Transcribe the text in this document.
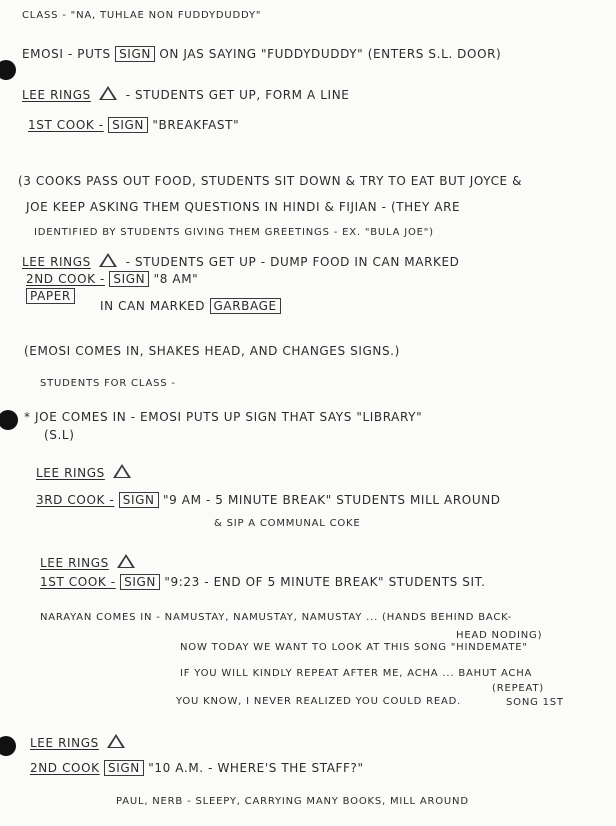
CLASS - "NA, TUHLAE NON FUDDYDUDDY"
EMOSI - PUTS SIGN ON JAS SAYING "FUDDYDUDDY" (ENTERS S.L. DOOR)
LEE RINGS	- STUDENTS GET UP, FORM A LINE
1ST COOK - SIGN "BREAKFAST"
(3 COOKS PASS OUT FOOD, STUDENTS SIT DOWN & TRY TO EAT BUT JOYCE &
JOE KEEP ASKING THEM QUESTIONS IN HINDI & FIJIAN - (THEY ARE
IDENTIFIED BY STUDENTS GIVING THEM GREETINGS - EX. "BULA JOE")
LEE RINGS	- STUDENTS GET UP - DUMP FOOD IN CAN MARKED
2ND COOK - SIGN "8 AM"
PAPER
IN CAN MARKED GARBAGE
(EMOSI COMES IN, SHAKES HEAD, AND CHANGES SIGNS.)
STUDENTS FOR CLASS -
* JOE COMES IN - EMOSI PUTS UP SIGN THAT SAYS "LIBRARY"
(S.L)
LEE RINGS
3RD COOK - SIGN "9 AM - 5 MINUTE BREAK" STUDENTS MILL AROUND
& SIP A COMMUNAL COKE
LEE RINGS
1ST COOK - SIGN "9:23 - END OF 5 MINUTE BREAK" STUDENTS SIT.
NARAYAN COMES IN - NAMUSTAY, NAMUSTAY, NAMUSTAY ... (HANDS BEHIND BACK-
HEAD NODING)
NOW TODAY WE WANT TO LOOK AT THIS SONG "HINDEMATE"
IF YOU WILL KINDLY REPEAT AFTER ME, ACHA ... BAHUT ACHA
(REPEAT)
SONG 1ST
YOU KNOW, I NEVER REALIZED YOU COULD READ.
LEE RINGS
2ND COOK SIGN "10 A.M. - WHERE'S THE STAFF?"
PAUL, NERB - SLEEPY, CARRYING MANY BOOKS, MILL AROUND
